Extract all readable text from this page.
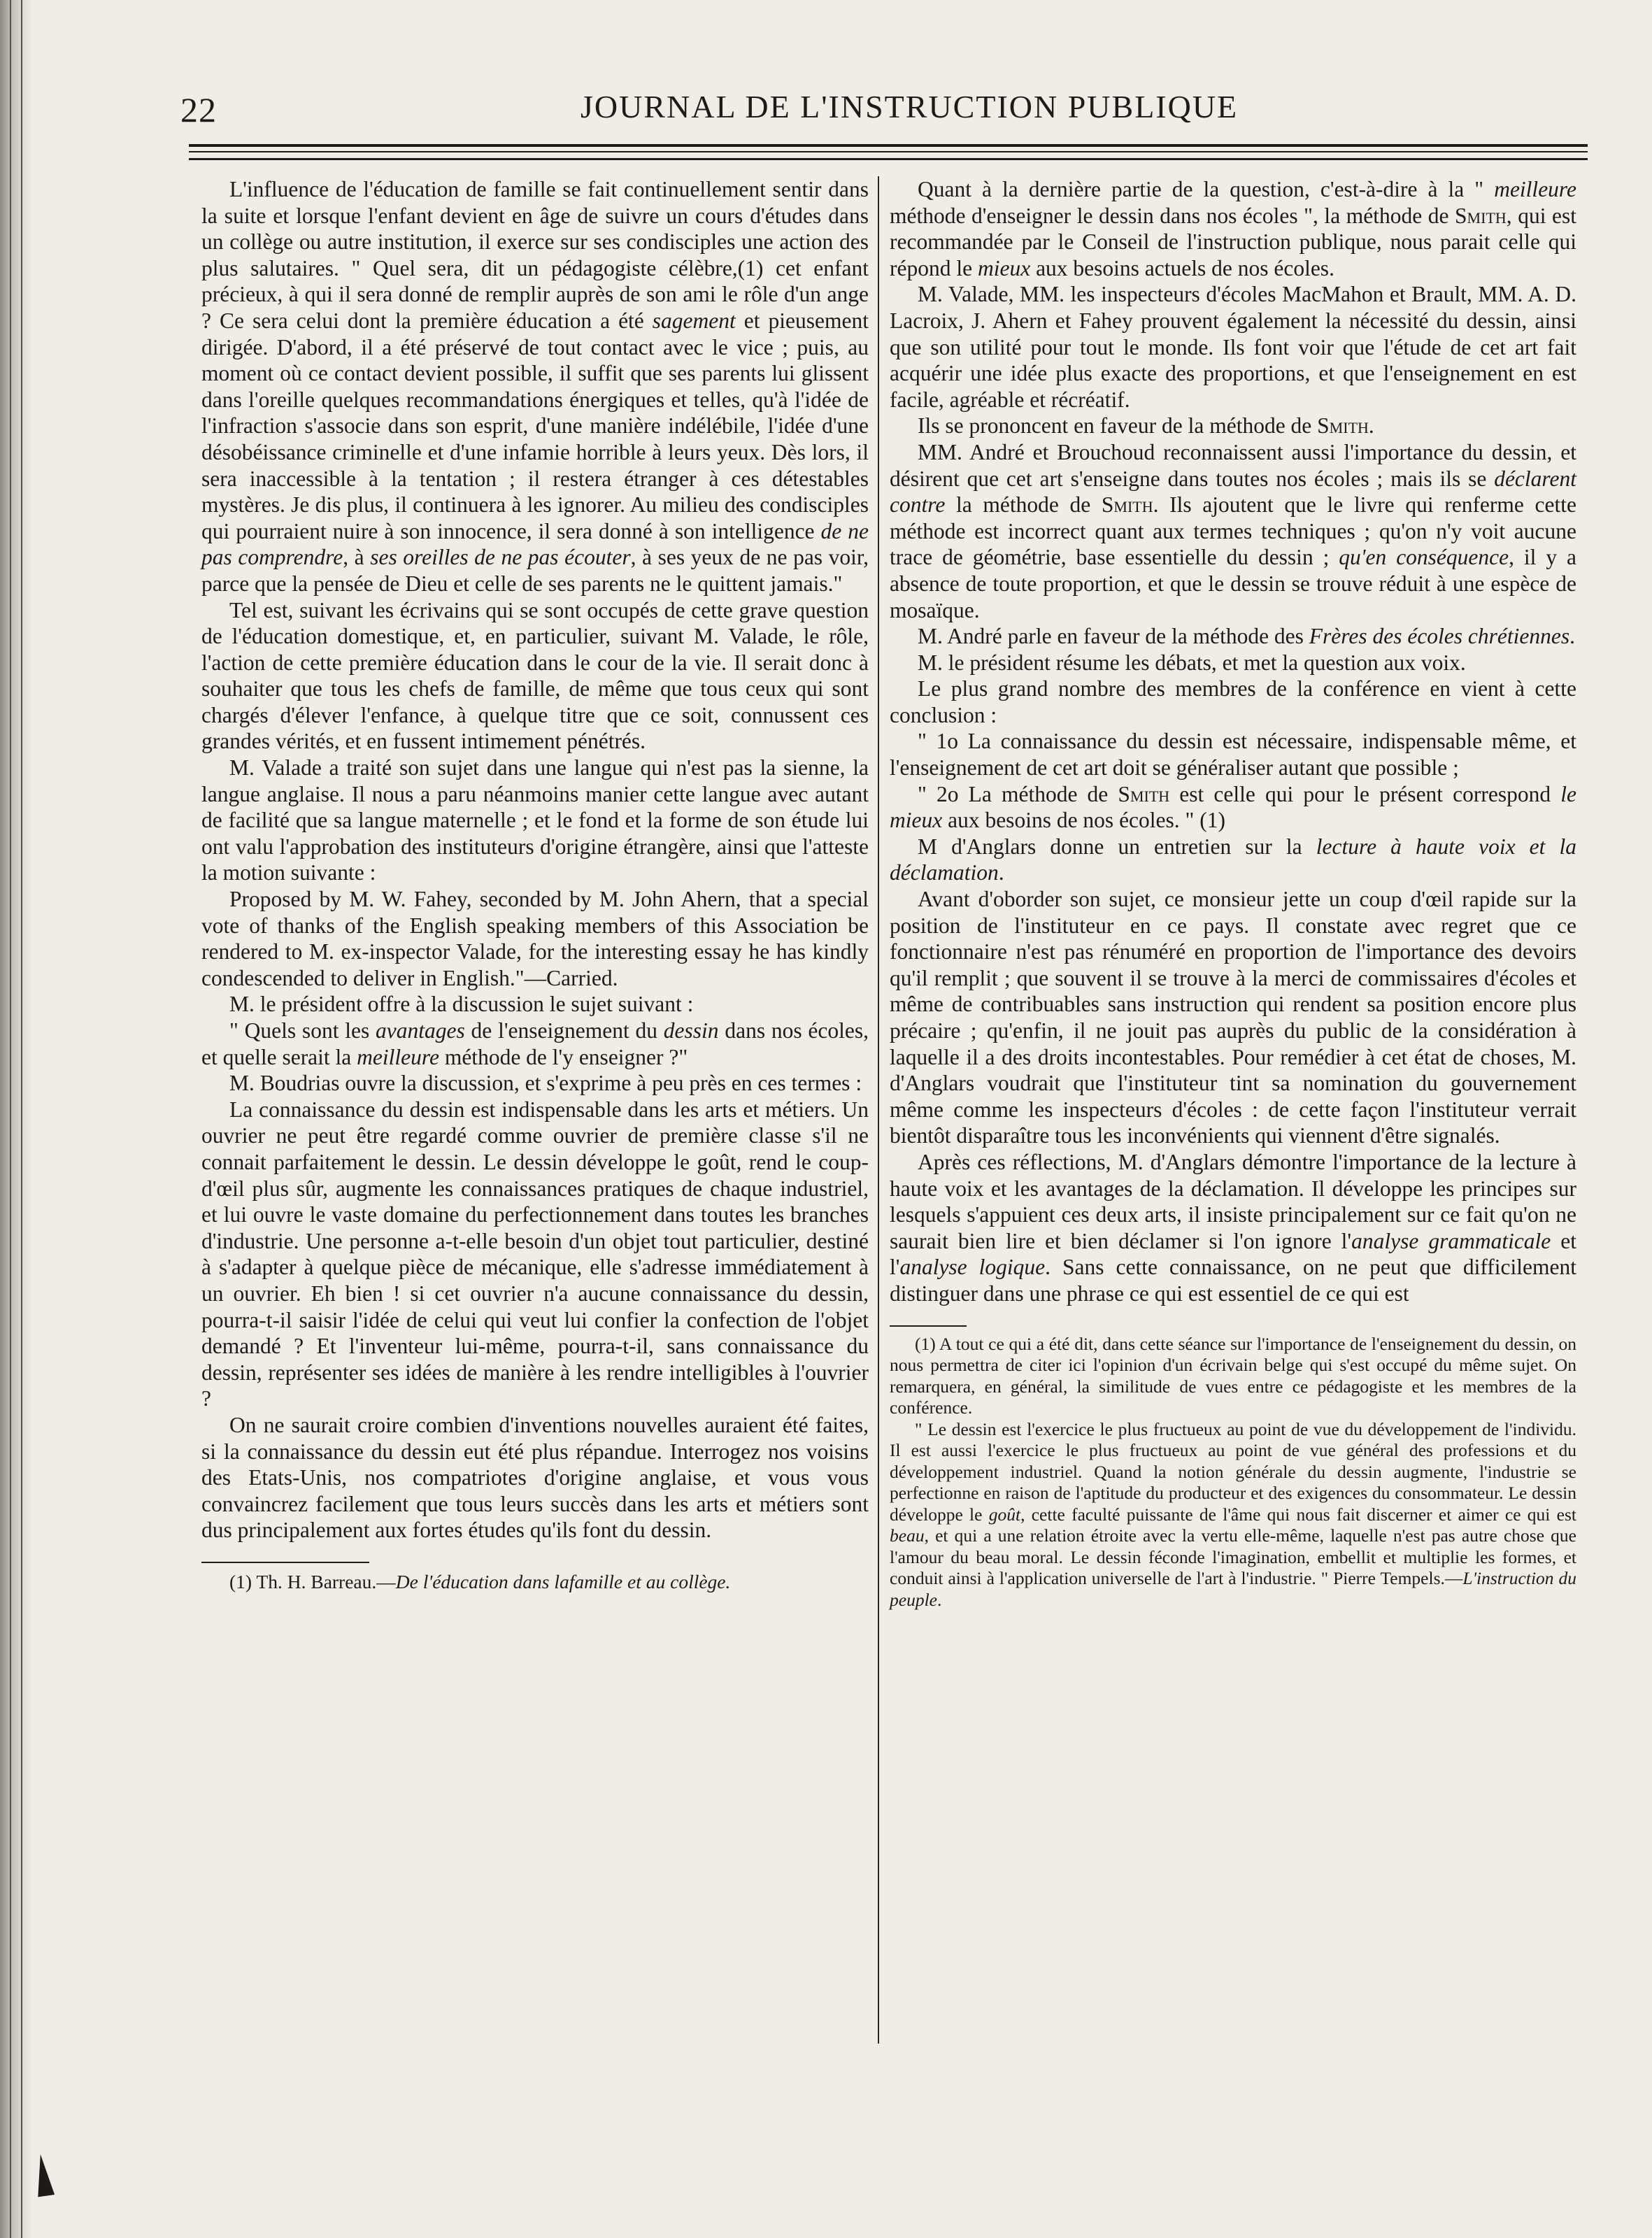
22	JOURNAL DE L'INSTRUCTION PUBLIQUE

L'influence de l'éducation de famille se fait continuellement sentir dans la suite et lorsque l'enfant devient en âge de suivre un cours d'études dans un collège ou autre institution, il exerce sur ses condisciples une action des plus salutaires. " Quel sera, dit un pédagogiste célèbre,(1) cet enfant précieux, à qui il sera donné de remplir auprès de son ami le rôle d'un ange ? Ce sera celui dont la première éducation a été sagement et pieusement dirigée. D'abord, il a été préservé de tout contact avec le vice ; puis, au moment où ce contact devient possible, il suffit que ses parents lui glissent dans l'oreille quelques recommandations énergiques et telles, qu'à l'idée de l'infraction s'associe dans son esprit, d'une manière indélébile, l'idée d'une désobéissance criminelle et d'une infamie horrible à leurs yeux. Dès lors, il sera inaccessible à la tentation ; il restera étranger à ces détestables mystères. Je dis plus, il continuera à les ignorer. Au milieu des condisciples qui pourraient nuire à son innocence, il sera donné à son intelligence de ne pas comprendre, à ses oreilles de ne pas écouter, à ses yeux de ne pas voir, parce que la pensée de Dieu et celle de ses parents ne le quittent jamais."

Tel est, suivant les écrivains qui se sont occupés de cette grave question de l'éducation domestique, et, en particulier, suivant M. Valade, le rôle, l'action de cette première éducation dans le cour de la vie. Il serait donc à souhaiter que tous les chefs de famille, de même que tous ceux qui sont chargés d'élever l'enfance, à quelque titre que ce soit, connussent ces grandes vérités, et en fussent intimement pénétrés.

M. Valade a traité son sujet dans une langue qui n'est pas la sienne, la langue anglaise. Il nous a paru néanmoins manier cette langue avec autant de facilité que sa langue maternelle ; et le fond et la forme de son étude lui ont valu l'approbation des instituteurs d'origine étrangère, ainsi que l'atteste la motion suivante :

Proposed by M. W. Fahey, seconded by M. John Ahern, that a special vote of thanks of the English speaking members of this Association be rendered to M. ex-inspector Valade, for the interesting essay he has kindly condescended to deliver in English."—Carried.

M. le président offre à la discussion le sujet suivant :

" Quels sont les avantages de l'enseignement du dessin dans nos écoles, et quelle serait la meilleure méthode de l'y enseigner ?"

M. Boudrias ouvre la discussion, et s'exprime à peu près en ces termes :

La connaissance du dessin est indispensable dans les arts et métiers. Un ouvrier ne peut être regardé comme ouvrier de première classe s'il ne connait parfaitement le dessin. Le dessin développe le goût, rend le coup-d'œil plus sûr, augmente les connaissances pratiques de chaque industriel, et lui ouvre le vaste domaine du perfectionnement dans toutes les branches d'industrie. Une personne a-t-elle besoin d'un objet tout particulier, destiné à s'adapter à quelque pièce de mécanique, elle s'adresse immédiatement à un ouvrier. Eh bien ! si cet ouvrier n'a aucune connaissance du dessin, pourra-t-il saisir l'idée de celui qui veut lui confier la confection de l'objet demandé ? Et l'inventeur lui-même, pourra-t-il, sans connaissance du dessin, représenter ses idées de manière à les rendre intelligibles à l'ouvrier ?

On ne saurait croire combien d'inventions nouvelles auraient été faites, si la connaissance du dessin eut été plus répandue. Interrogez nos voisins des Etats-Unis, nos compatriotes d'origine anglaise, et vous vous convaincrez facilement que tous leurs succès dans les arts et métiers sont dus principalement aux fortes études qu'ils font du dessin.

(1) Th. H. Barreau.—De l'éducation dans lafamille et au collège.

Quant à la dernière partie de la question, c'est-à-dire à la " meilleure méthode d'enseigner le dessin dans nos écoles ", la méthode de Smith, qui est recommandée par le Conseil de l'instruction publique, nous parait celle qui répond le mieux aux besoins actuels de nos écoles.

M. Valade, MM. les inspecteurs d'écoles MacMahon et Brault, MM. A. D. Lacroix, J. Ahern et Fahey prouvent également la nécessité du dessin, ainsi que son utilité pour tout le monde. Ils font voir que l'étude de cet art fait acquérir une idée plus exacte des proportions, et que l'enseignement en est facile, agréable et récréatif.

Ils se prononcent en faveur de la méthode de Smith.

MM. André et Brouchoud reconnaissent aussi l'importance du dessin, et désirent que cet art s'enseigne dans toutes nos écoles ; mais ils se déclarent contre la méthode de Smith. Ils ajoutent que le livre qui renferme cette méthode est incorrect quant aux termes techniques ; qu'on n'y voit aucune trace de géométrie, base essentielle du dessin ; qu'en conséquence, il y a absence de toute proportion, et que le dessin se trouve réduit à une espèce de mosaïque.

M. André parle en faveur de la méthode des Frères des écoles chrétiennes.

M. le président résume les débats, et met la question aux voix.

Le plus grand nombre des membres de la conférence en vient à cette conclusion :

" 1o La connaissance du dessin est nécessaire, indispensable même, et l'enseignement de cet art doit se généraliser autant que possible ;

" 2o La méthode de Smith est celle qui pour le présent correspond le mieux aux besoins de nos écoles. " (1)

M d'Anglars donne un entretien sur la lecture à haute voix et la déclamation.

Avant d'oborder son sujet, ce monsieur jette un coup d'œil rapide sur la position de l'instituteur en ce pays. Il constate avec regret que ce fonctionnaire n'est pas rénuméré en proportion de l'importance des devoirs qu'il remplit ; que souvent il se trouve à la merci de commissaires d'écoles et même de contribuables sans instruction qui rendent sa position encore plus précaire ; qu'enfin, il ne jouit pas auprès du public de la considération à laquelle il a des droits incontestables. Pour remédier à cet état de choses, M. d'Anglars voudrait que l'instituteur tint sa nomination du gouvernement même comme les inspecteurs d'écoles : de cette façon l'instituteur verrait bientôt disparaître tous les inconvénients qui viennent d'être signalés.

Après ces réflections, M. d'Anglars démontre l'importance de la lecture à haute voix et les avantages de la déclamation. Il développe les principes sur lesquels s'appuient ces deux arts, il insiste principalement sur ce fait qu'on ne saurait bien lire et bien déclamer si l'on ignore l'analyse grammaticale et l'analyse logique. Sans cette connaissance, on ne peut que difficilement distinguer dans une phrase ce qui est essentiel de ce qui est

(1) A tout ce qui a été dit, dans cette séance sur l'importance de l'enseignement du dessin, on nous permettra de citer ici l'opinion d'un écrivain belge qui s'est occupé du même sujet. On remarquera, en général, la similitude de vues entre ce pédagogiste et les membres de la conférence.

" Le dessin est l'exercice le plus fructueux au point de vue du développement de l'individu. Il est aussi l'exercice le plus fructueux au point de vue général des professions et du développement industriel. Quand la notion générale du dessin augmente, l'industrie se perfectionne en raison de l'aptitude du producteur et des exigences du consommateur. Le dessin développe le goût, cette faculté puissante de l'âme qui nous fait discerner et aimer ce qui est beau, et qui a une relation étroite avec la vertu elle-même, laquelle n'est pas autre chose que l'amour du beau moral. Le dessin féconde l'imagination, embellit et multiplie les formes, et conduit ainsi à l'application universelle de l'art à l'industrie. " Pierre Tempels.—L'instruction du peuple.
